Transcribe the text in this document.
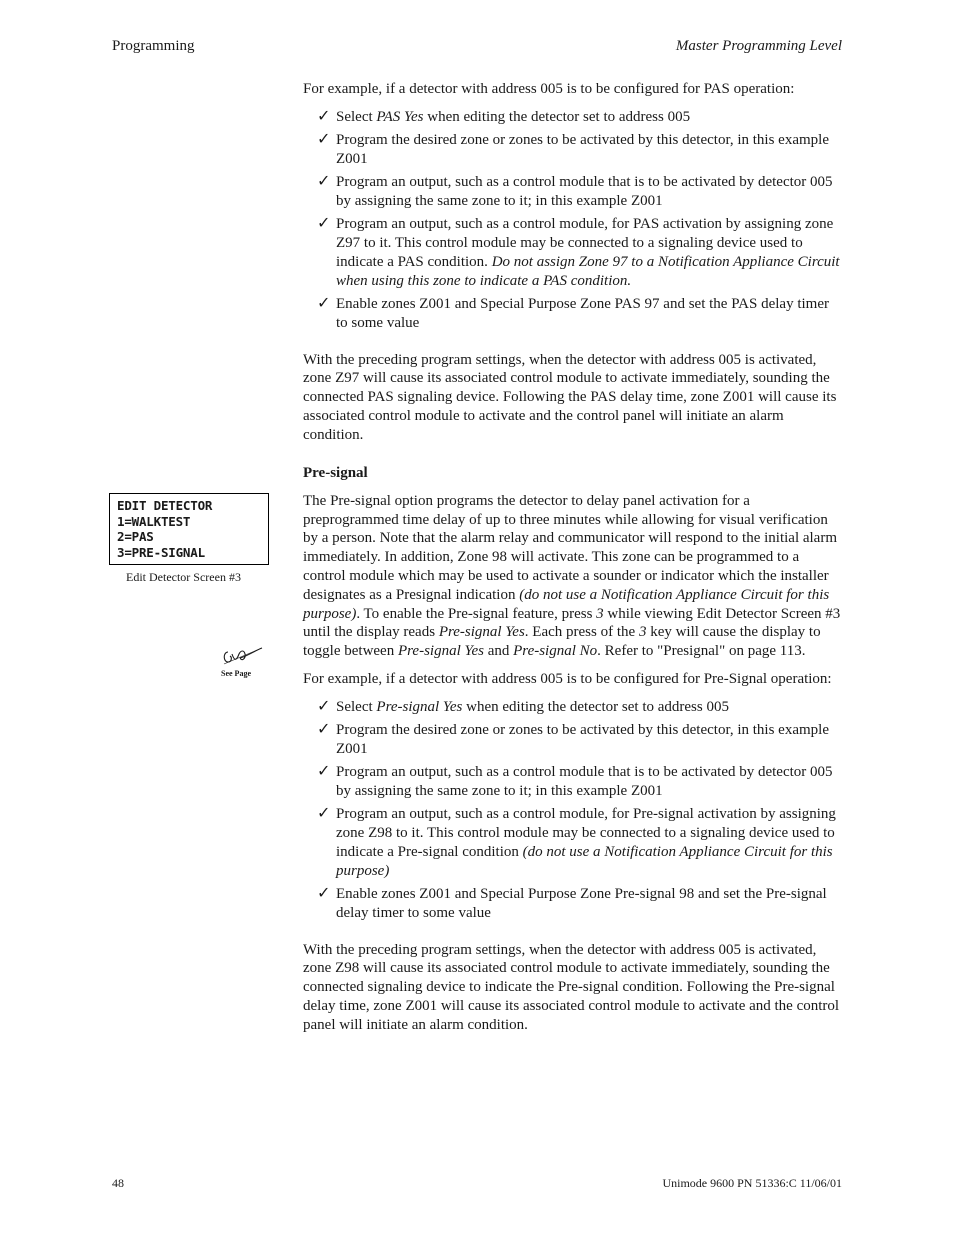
Programming	Master Programming Level

For example, if a detector with address 005 is to be configured for PAS operation:

✓ Select PAS Yes when editing the detector set to address 005
✓ Program the desired zone or zones to be activated by this detector, in this example Z001
✓ Program an output, such as a control module that is to be activated by detector 005 by assigning the same zone to it; in this example Z001
✓ Program an output, such as a control module, for PAS activation by assigning zone Z97 to it. This control module may be connected to a signaling device used to indicate a PAS condition. Do not assign Zone 97 to a Notification Appliance Circuit when using this zone to indicate a PAS condition.
✓ Enable zones Z001 and Special Purpose Zone PAS 97 and set the PAS delay timer to some value

With the preceding program settings, when the detector with address 005 is activated, zone Z97 will cause its associated control module to activate immediately, sounding the connected PAS signaling device. Following the PAS delay time, zone Z001 will cause its associated control module to activate and the control panel will initiate an alarm condition.

Pre-signal

The Pre-signal option programs the detector to delay panel activation for a preprogrammed time delay of up to three minutes while allowing for visual verification by a person. Note that the alarm relay and communicator will respond to the initial alarm immediately. In addition, Zone 98 will activate. This zone can be programmed to a control module which may be used to activate a sounder or indicator which the installer designates as a Presignal indication (do not use a Notification Appliance Circuit for this purpose). To enable the Pre-signal feature, press 3 while viewing Edit Detector Screen #3 until the display reads Pre-signal Yes. Each press of the 3 key will cause the display to toggle between Pre-signal Yes and Pre-signal No. Refer to "Presignal" on page 113.

For example, if a detector with address 005 is to be configured for Pre-Signal operation:

✓ Select Pre-signal Yes when editing the detector set to address 005
✓ Program the desired zone or zones to be activated by this detector, in this example Z001
✓ Program an output, such as a control module that is to be activated by detector 005 by assigning the same zone to it; in this example Z001
✓ Program an output, such as a control module, for Pre-signal activation by assigning zone Z98 to it. This control module may be connected to a signaling device used to indicate a Pre-signal condition (do not use a Notification Appliance Circuit for this purpose)
✓ Enable zones Z001 and Special Purpose Zone Pre-signal 98 and set the Pre-signal delay timer to some value

With the preceding program settings, when the detector with address 005 is activated, zone Z98 will cause its associated control module to activate immediately, sounding the connected signaling device to indicate the Pre-signal condition. Following the Pre-signal delay time, zone Z001 will cause its associated control module to activate and the control panel will initiate an alarm condition.

EDIT DETECTOR
1=WALKTEST
2=PAS
3=PRE-SIGNAL
Edit Detector Screen #3
See Page
48	Unimode 9600 PN 51336:C 11/06/01
